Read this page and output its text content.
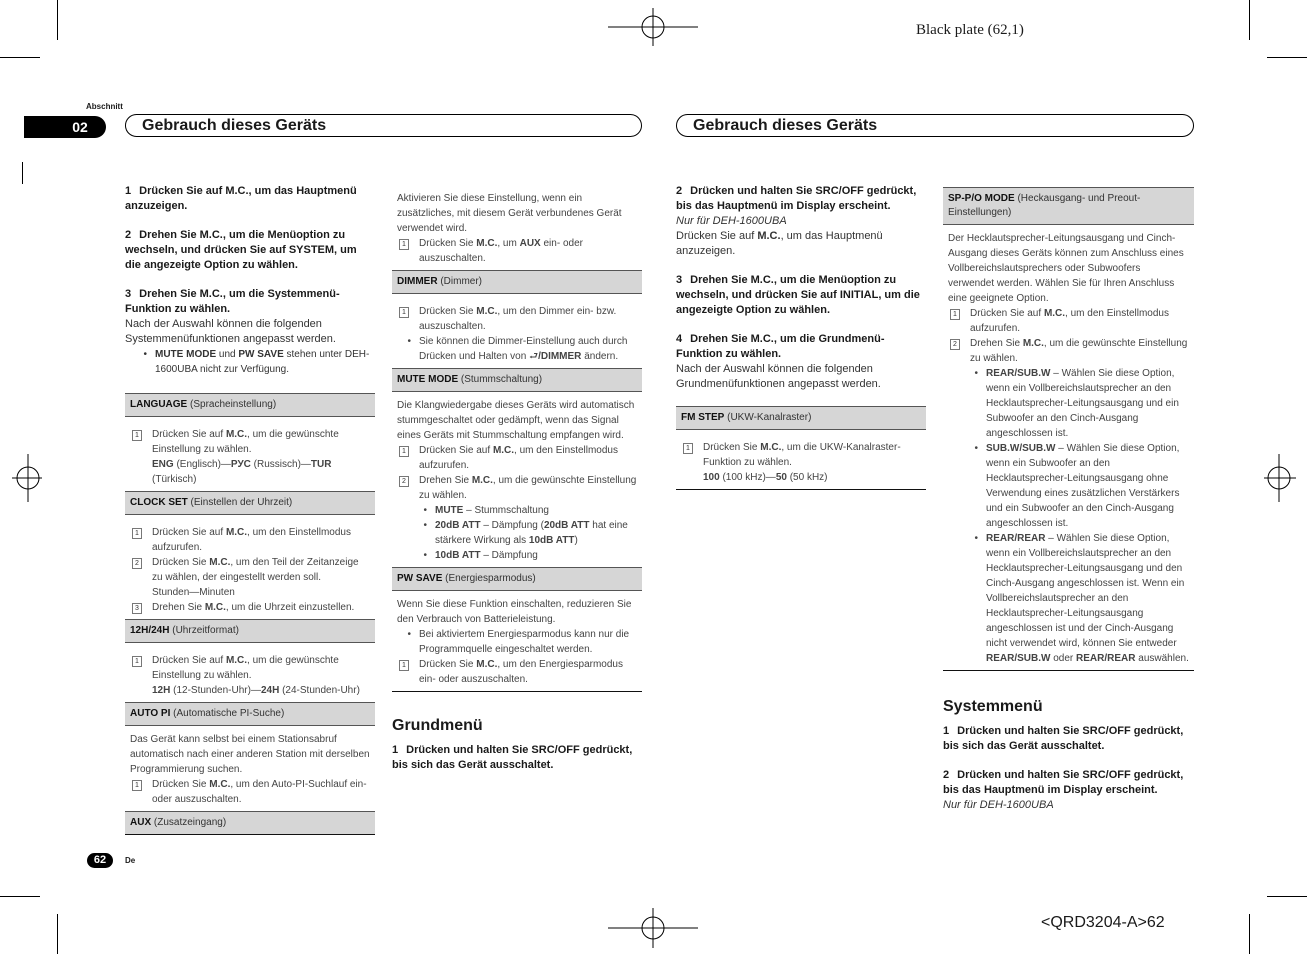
Black plate (62,1)
Abschnitt
02	Gebrauch dieses Geräts	Gebrauch dieses Geräts
1 Drücken Sie auf M.C., um das Hauptmenü anzuzeigen.
2 Drehen Sie M.C., um die Menüoption zu wechseln, und drücken Sie auf SYSTEM, um die angezeigte Option zu wählen.
3 Drehen Sie M.C., um die Systemmenü-Funktion zu wählen.
Nach der Auswahl können die folgenden Systemmenüfunktionen angepasst werden.
• MUTE MODE und PW SAVE stehen unter DEH-1600UBA nicht zur Verfügung.
LANGUAGE (Spracheinstellung)
1	Drücken Sie auf M.C., um die gewünschte Einstellung zu wählen.
ENG (Englisch)—РУС (Russisch)—TUR (Türkisch)
CLOCK SET (Einstellen der Uhrzeit)
1	Drücken Sie auf M.C., um den Einstellmodus aufzurufen.
2	Drücken Sie M.C., um den Teil der Zeitanzeige zu wählen, der eingestellt werden soll.
Stunden—Minuten
3	Drehen Sie M.C., um die Uhrzeit einzustellen.
12H/24H (Uhrzeitformat)
1	Drücken Sie auf M.C., um die gewünschte Einstellung zu wählen.
12H (12-Stunden-Uhr)—24H (24-Stunden-Uhr)
AUTO PI (Automatische PI-Suche)
Das Gerät kann selbst bei einem Stationsabruf automatisch nach einer anderen Station mit derselben Programmierung suchen.
1	Drücken Sie M.C., um den Auto-PI-Suchlauf ein- oder auszuschalten.
AUX (Zusatzeingang)
Aktivieren Sie diese Einstellung, wenn ein zusätzliches, mit diesem Gerät verbundenes Gerät verwendet wird.
1	Drücken Sie M.C., um AUX ein- oder auszuschalten.
DIMMER (Dimmer)
1	Drücken Sie M.C., um den Dimmer ein- bzw. auszuschalten.
• Sie können die Dimmer-Einstellung auch durch Drücken und Halten von ⮐/DIMMER ändern.
MUTE MODE (Stummschaltung)
Die Klangwiedergabe dieses Geräts wird automatisch stummgeschaltet oder gedämpft, wenn das Signal eines Geräts mit Stummschaltung empfangen wird.
1	Drücken Sie auf M.C., um den Einstellmodus aufzurufen.
2	Drehen Sie M.C., um die gewünschte Einstellung zu wählen.
• MUTE – Stummschaltung
• 20dB ATT – Dämpfung (20dB ATT hat eine stärkere Wirkung als 10dB ATT)
• 10dB ATT – Dämpfung
PW SAVE (Energiesparmodus)
Wenn Sie diese Funktion einschalten, reduzieren Sie den Verbrauch von Batterieleistung.
• Bei aktiviertem Energiesparmodus kann nur die Programmquelle eingeschaltet werden.
1	Drücken Sie M.C., um den Energiesparmodus ein- oder auszuschalten.
Grundmenü
1 Drücken und halten Sie SRC/OFF gedrückt, bis sich das Gerät ausschaltet.
2 Drücken und halten Sie SRC/OFF gedrückt, bis das Hauptmenü im Display erscheint.
Nur für DEH-1600UBA
Drücken Sie auf M.C., um das Hauptmenü anzuzeigen.
3 Drehen Sie M.C., um die Menüoption zu wechseln, und drücken Sie auf INITIAL, um die angezeigte Option zu wählen.
4 Drehen Sie M.C., um die Grundmenü-Funktion zu wählen.
Nach der Auswahl können die folgenden Grundmenüfunktionen angepasst werden.
FM STEP (UKW-Kanalraster)
1	Drücken Sie M.C., um die UKW-Kanalraster-Funktion zu wählen.
100 (100 kHz)—50 (50 kHz)
SP-P/O MODE (Heckausgang- und Preout-Einstellungen)
Der Hecklautsprecher-Leitungsausgang und Cinch-Ausgang dieses Geräts können zum Anschluss eines Vollbereichslautsprechers oder Subwoofers verwendet werden. Wählen Sie für Ihren Anschluss eine geeignete Option.
1	Drücken Sie auf M.C., um den Einstellmodus aufzurufen.
2	Drehen Sie M.C., um die gewünschte Einstellung zu wählen.
• REAR/SUB.W – Wählen Sie diese Option, wenn ein Vollbereichslautsprecher an den Hecklautsprecher-Leitungsausgang und ein Subwoofer an den Cinch-Ausgang angeschlossen ist.
• SUB.W/SUB.W – Wählen Sie diese Option, wenn ein Subwoofer an den Hecklautsprecher-Leitungsausgang ohne Verwendung eines zusätzlichen Verstärkers und ein Subwoofer an den Cinch-Ausgang angeschlossen ist.
• REAR/REAR – Wählen Sie diese Option, wenn ein Vollbereichslautsprecher an den Hecklautsprecher-Leitungsausgang und den Cinch-Ausgang angeschlossen ist. Wenn ein Vollbereichslautsprecher an den Hecklautsprecher-Leitungsausgang angeschlossen ist und der Cinch-Ausgang nicht verwendet wird, können Sie entweder REAR/SUB.W oder REAR/REAR auswählen.
Systemmenü
1 Drücken und halten Sie SRC/OFF gedrückt, bis sich das Gerät ausschaltet.
2 Drücken und halten Sie SRC/OFF gedrückt, bis das Hauptmenü im Display erscheint.
Nur für DEH-1600UBA
62	De
<QRD3204-A>62
